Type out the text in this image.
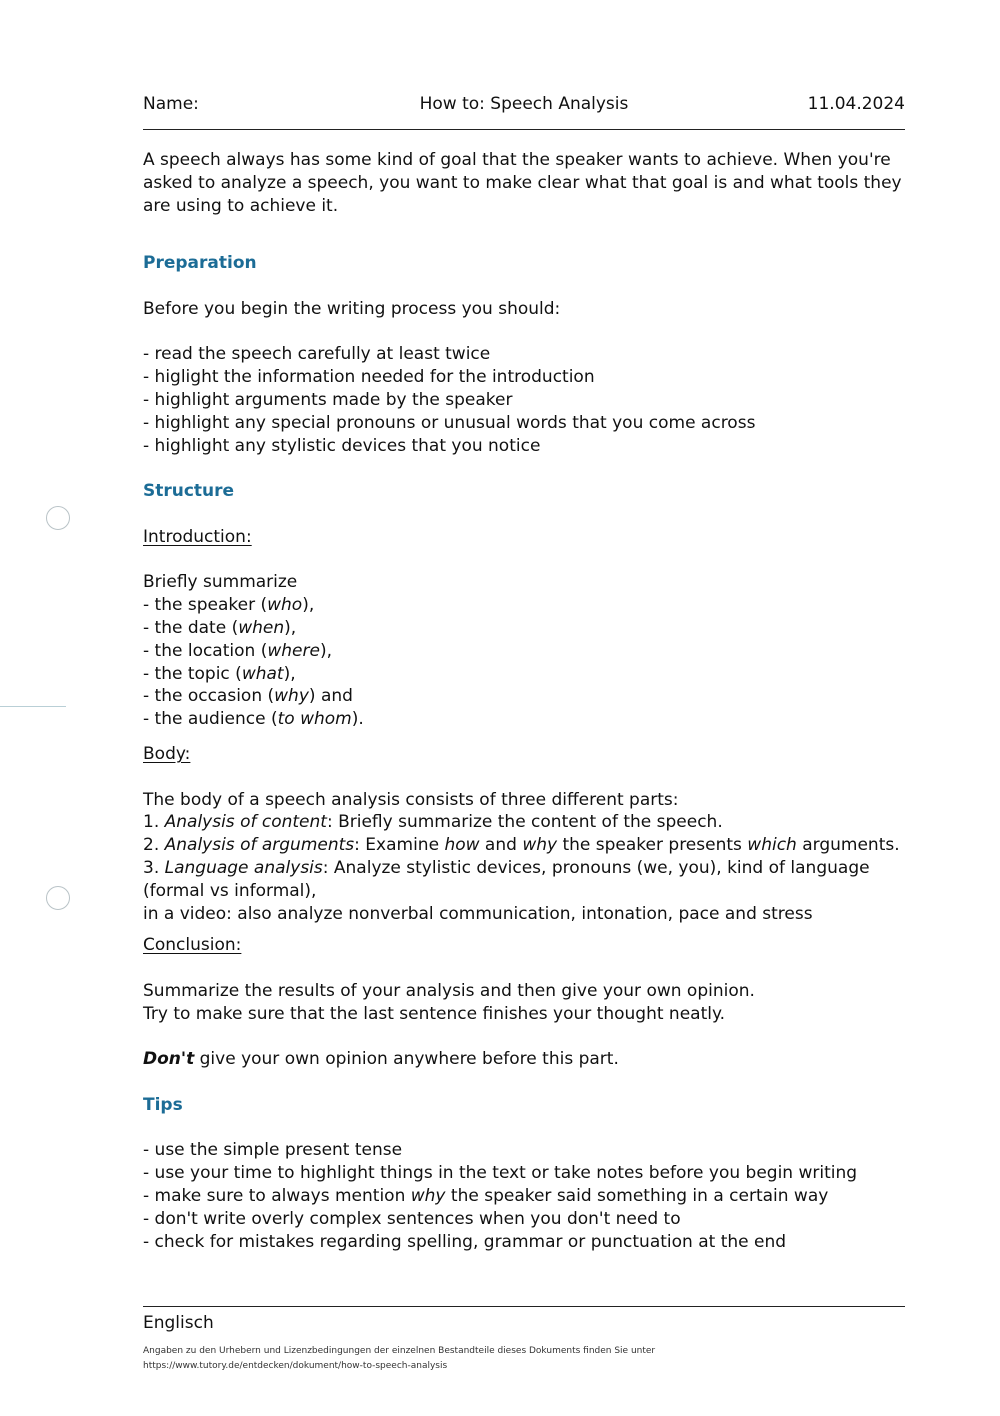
How to: Speech Analysis
Name:	11.04.2024

A speech always has some kind of goal that the speaker wants to achieve. When you're asked to analyze a speech, you want to make clear what that goal is and what tools they are using to achieve it.

Preparation

Before you begin the writing process you should:

- read the speech carefully at least twice

- higlight the information needed for the introduction

- highlight arguments made by the speaker

- highlight any special pronouns or unusual words that you come across

- highlight any stylistic devices that you notice

Structure

Introduction:

Briefly summarize

- the speaker (who),

- the date (when),

- the location (where),

- the topic (what),

- the occasion (why) and

- the audience (to whom).

Body:

The body of a speech analysis consists of three different parts:

1. Analysis of content: Briefly summarize the content of the speech.

2. Analysis of arguments: Examine how and why the speaker presents which arguments.

3. Language analysis: Analyze stylistic devices, pronouns (we, you), kind of language (formal vs informal),

in a video: also analyze nonverbal communication, intonation, pace and stress

Conclusion:

Summarize the results of your analysis and then give your own opinion.

Try to make sure that the last sentence finishes your thought neatly.

Don't give your own opinion anywhere before this part.

Tips

- use the simple present tense

- use your time to highlight things in the text or take notes before you begin writing

- make sure to always mention why the speaker said something in a certain way

- don't write overly complex sentences when you don't need to

- check for mistakes regarding spelling, grammar or punctuation at the end

Englisch
Angaben zu den Urhebern und Lizenzbedingungen der einzelnen Bestandteile dieses Dokuments finden Sie unter
https://www.tutory.de/entdecken/dokument/how-to-speech-analysis
